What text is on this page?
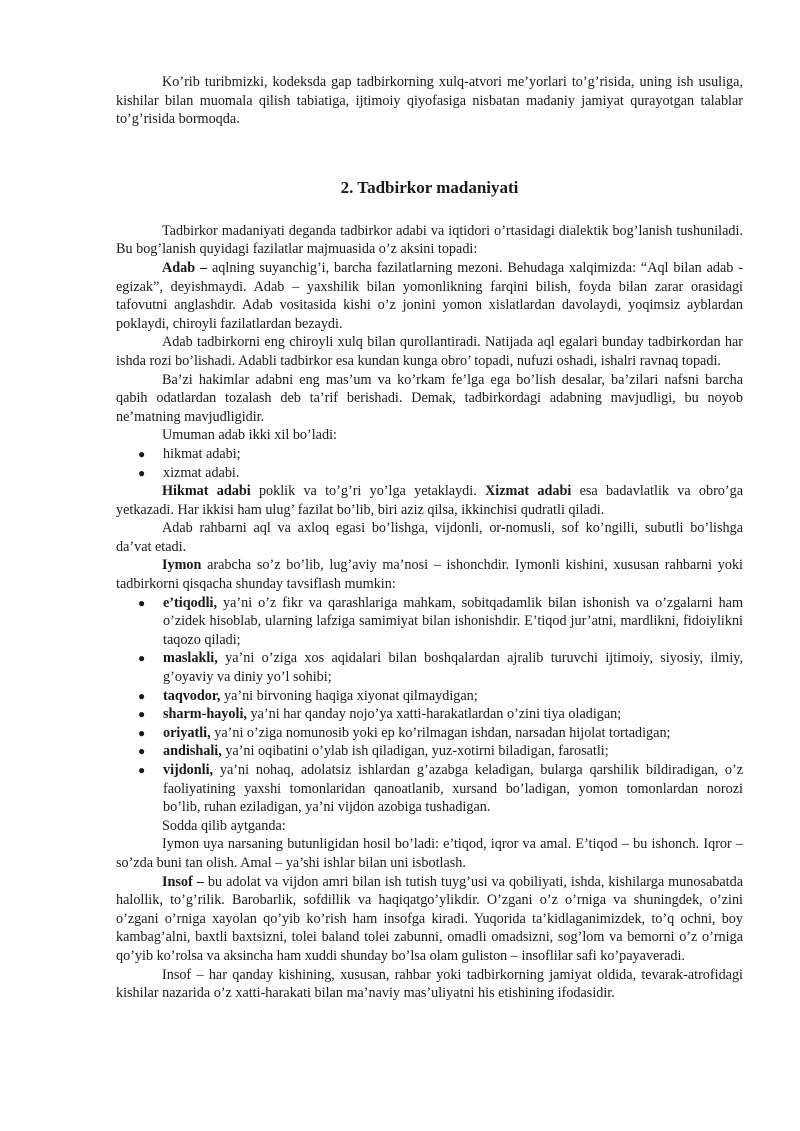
Ko’rib turibmizki, kodeksda gap tadbirkorning xulq-atvori me’yorlari to’g’risida, uning ish usuliga, kishilar bilan muomala qilish tabiatiga, ijtimoiy qiyofasiga nisbatan madaniy jamiyat qurayotgan talablar to’g’risida bormoqda.

2. Tadbirkor madaniyati

Tadbirkor madaniyati deganda tadbirkor adabi va iqtidori o’rtasidagi dialektik bog’lanish tushuniladi. Bu bog’lanish quyidagi fazilatlar majmuasida o’z aksini topadi:

Adab – aqlning suyanchig’i, barcha fazilatlarning mezoni. Behudaga xalqimizda: “Aql bilan adab - egizak”, deyishmaydi. Adab – yaxshilik bilan yomonlikning farqini bilish, foyda bilan zarar orasidagi tafovutni anglashdir. Adab vositasida kishi o’z jonini yomon xislatlardan davolaydi, yoqimsiz ayblardan poklaydi, chiroyli fazilatlardan bezaydi.

Adab tadbirkorni eng chiroyli xulq bilan qurollantiradi. Natijada aql egalari bunday tadbirkordan har ishda rozi bo’lishadi. Adabli tadbirkor esa kundan kunga obro’ topadi, nufuzi oshadi, ishalri ravnaq topadi.

Ba’zi hakimlar adabni eng mas’um va ko’rkam fe’lga ega bo’lish desalar, ba’zilari nafsni barcha qabih odatlardan tozalash deb ta’rif berishadi. Demak, tadbirkordagi adabning mavjudligi, bu noyob ne’matning mavjudligidir.

Umuman adab ikki xil bo’ladi:

● hikmat adabi;
● xizmat adabi.

Hikmat adabi poklik va to’g’ri yo’lga yetaklaydi. Xizmat adabi esa badavlatlik va obro’ga yetkazadi. Har ikkisi ham ulug’ fazilat bo’lib, biri aziz qilsa, ikkinchisi qudratli qiladi.

Adab rahbarni aql va axloq egasi bo’lishga, vijdonli, or-nomusli, sof ko’ngilli, subutli bo’lishga da’vat etadi.

Iymon arabcha so’z bo’lib, lug’aviy ma’nosi – ishonchdir. Iymonli kishini, xususan rahbarni yoki tadbirkorni qisqacha shunday tavsiflash mumkin:

● e’tiqodli, ya’ni o’z fikr va qarashlariga mahkam, sobitqadamlik bilan ishonish va o’zgalarni ham o’zidek hisoblab, ularning lafziga samimiyat bilan ishonishdir. E’tiqod jur’atni, mardlikni, fidoiylikni taqozo qiladi;
● maslakli, ya’ni o’ziga xos aqidalari bilan boshqalardan ajralib turuvchi ijtimoiy, siyosiy, ilmiy, g’oyaviy va diniy yo’l sohibi;
● taqvodor, ya’ni birvoning haqiga xiyonat qilmaydigan;
● sharm-hayoli, ya’ni har qanday nojo’ya xatti-harakatlardan o’zini tiya oladigan;
● oriyatli, ya’ni o’ziga nomunosib yoki ep ko’rilmagan ishdan, narsadan hijolat tortadigan;
● andishali, ya’ni oqibatini o’ylab ish qiladigan, yuz-xotirni biladigan, farosatli;
● vijdonli, ya’ni nohaq, adolatsiz ishlardan g’azabga keladigan, bularga qarshilik bildiradigan, o’z faoliyatining yaxshi tomonlaridan qanoatlanib, xursand bo’ladigan, yomon tomonlardan norozi bo’lib, ruhan eziladigan, ya’ni vijdon azobiga tushadigan.

Sodda qilib aytganda:

Iymon uya narsaning butunligidan hosil bo’ladi: e’tiqod, iqror va amal. E’tiqod – bu ishonch. Iqror – so’zda buni tan olish. Amal – ya’shi ishlar bilan uni isbotlash.

Insof – bu adolat va vijdon amri bilan ish tutish tuyg’usi va qobiliyati, ishda, kishilarga munosabatda halollik, to’g’rilik. Barobarlik, sofdillik va haqiqatgo’ylikdir. O’zgani o’z o’rniga va shuningdek, o’zini o’zgani o’rniga xayolan qo’yib ko’rish ham insofga kiradi. Yuqorida ta’kidlaganimizdek, to’q ochni, boy kambag’alni, baxtli baxtsizni, tolei baland tolei zabunni, omadli omadsizni, sog’lom va bemorni o’z o’rniga qo’yib ko’rolsa va aksincha ham xuddi shunday bo’lsa olam guliston – insoflilar safi ko’payaveradi.

Insof – har qanday kishining, xususan, rahbar yoki tadbirkorning jamiyat oldida, tevarak-atrofidagi kishilar nazarida o’z xatti-harakati bilan ma’naviy mas’uliyatni his etishining ifodasidir.
